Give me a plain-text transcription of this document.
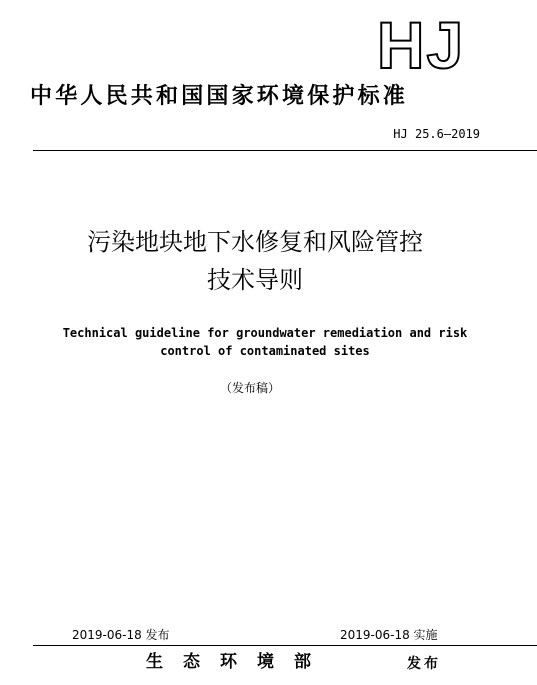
HJ
中华人民共和国国家环境保护标准
HJ 25.6—2019
污染地块地下水修复和风险管控
技术导则
Technical guideline for groundwater remediation and risk
control of contaminated sites
（发布稿）
2019-06-18 发布	2019-06-18 实施
生态环境部	发布
